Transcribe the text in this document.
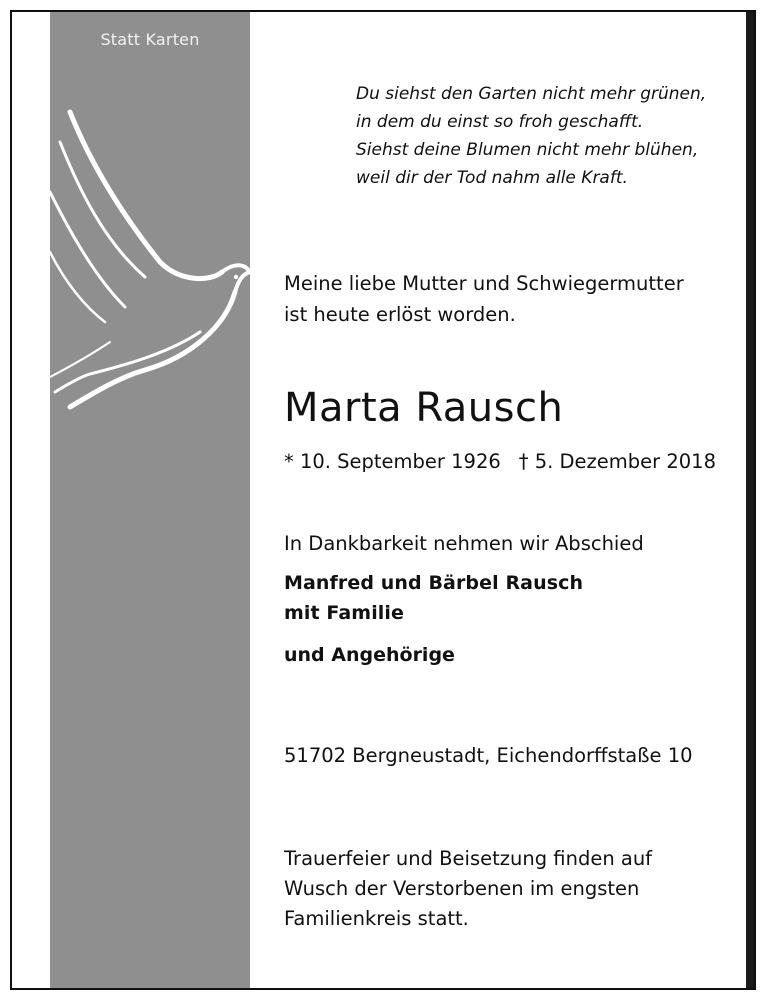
Statt Karten
Du siehst den Garten nicht mehr grünen,
in dem du einst so froh geschafft.
Siehst deine Blumen nicht mehr blühen,
weil dir der Tod nahm alle Kraft.
Meine liebe Mutter und Schwiegermutter
ist heute erlöst worden.
Marta Rausch
* 10. September 1926 † 5. Dezember 2018
In Dankbarkeit nehmen wir Abschied
Manfred und Bärbel Rausch
mit Familie
und Angehörige
51702 Bergneustadt, Eichendorffstaße 10
Trauerfeier und Beisetzung finden auf
Wusch der Verstorbenen im engsten
Familienkreis statt.
